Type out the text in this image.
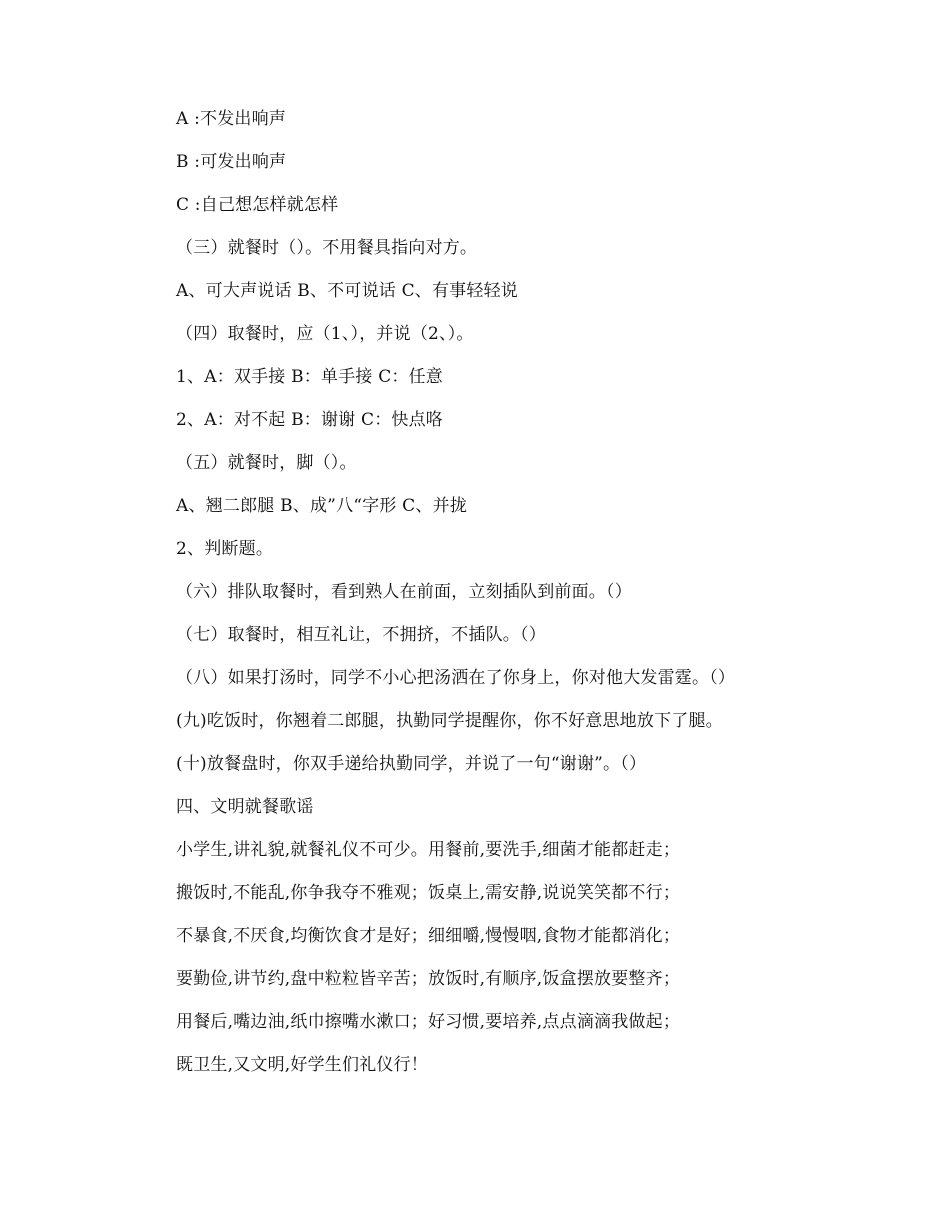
A :不发出响声
B :可发出响声
C :自己想怎样就怎样
（三）就餐时（）。不用餐具指向对方。
A、可大声说话 B、不可说话 C、有事轻轻说
（四）取餐时，应（1、），并说（2、）。
1、A：双手接 B：单手接 C：任意
2、A：对不起 B：谢谢 C：快点咯
（五）就餐时，脚（）。
A、翘二郎腿 B、成”八“字形 C、并拢
2、判断题。
（六）排队取餐时，看到熟人在前面，立刻插队到前面。（）
（七）取餐时，相互礼让，不拥挤，不插队。（）
（八）如果打汤时，同学不小心把汤洒在了你身上，你对他大发雷霆。（）
(九)吃饭时，你翘着二郎腿，执勤同学提醒你，你不好意思地放下了腿。
(十)放餐盘时，你双手递给执勤同学，并说了一句“谢谢”。（）
四、文明就餐歌谣
小学生,讲礼貌,就餐礼仪不可少。用餐前,要洗手,细菌才能都赶走；
搬饭时,不能乱,你争我夺不雅观；饭桌上,需安静,说说笑笑都不行；
不暴食,不厌食,均衡饮食才是好；细细嚼,慢慢咽,食物才能都消化；
要勤俭,讲节约,盘中粒粒皆辛苦；放饭时,有顺序,饭盒摆放要整齐；
用餐后,嘴边油,纸巾擦嘴水漱口；好习惯,要培养,点点滴滴我做起；
既卫生,又文明,好学生们礼仪行！
